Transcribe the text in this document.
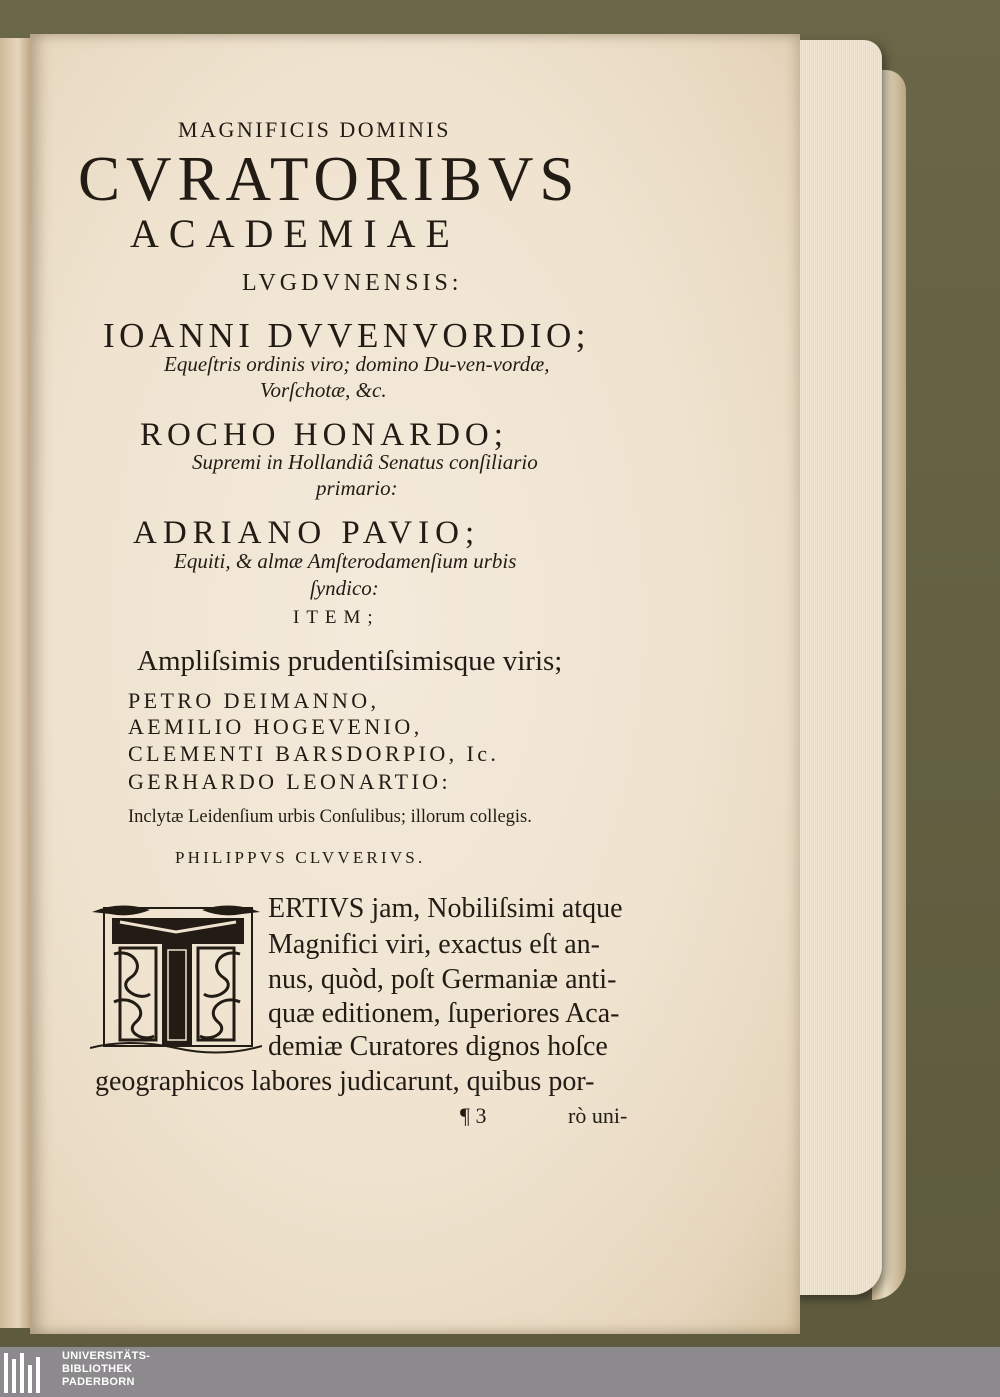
MAGNIFICIS DOMINIS
CVRATORIBVS
ACADEMIAE
LVGDVNENSIS:
IOANNI DVVENVORDIO;
Equeſtris ordinis viro; domino Du-ven-vordæ,
Vorſchotæ, &c.
ROCHO HONARDO;
Supremi in Hollandiâ Senatus conſiliario
primario:
ADRIANO PAVIO;
Equiti, & almæ Amſterodamenſium urbis
ſyndico:
ITEM;
Ampliſsimis prudentiſsimisque viris;
PETRO DEIMANNO,
AEMILIO HOGEVENIO,
CLEMENTI BARSDORPIO, Ic.
GERHARDO LEONARTIO:
Inclytæ Leidenſium urbis Conſulibus; illorum collegis.
PHILIPPVS CLVVERIVS.
ERTIVS jam, Nobiliſsimi atque
Magnifici viri, exactus eſt an-
nus, quòd, poſt Germaniæ anti-
quæ editionem, ſuperiores Aca-
demiæ Curatores dignos hoſce
geographicos labores judicarunt, quibus por-
¶ 3	rò uni-
UNIVERSITÄTS-
BIBLIOTHEK
PADERBORN
